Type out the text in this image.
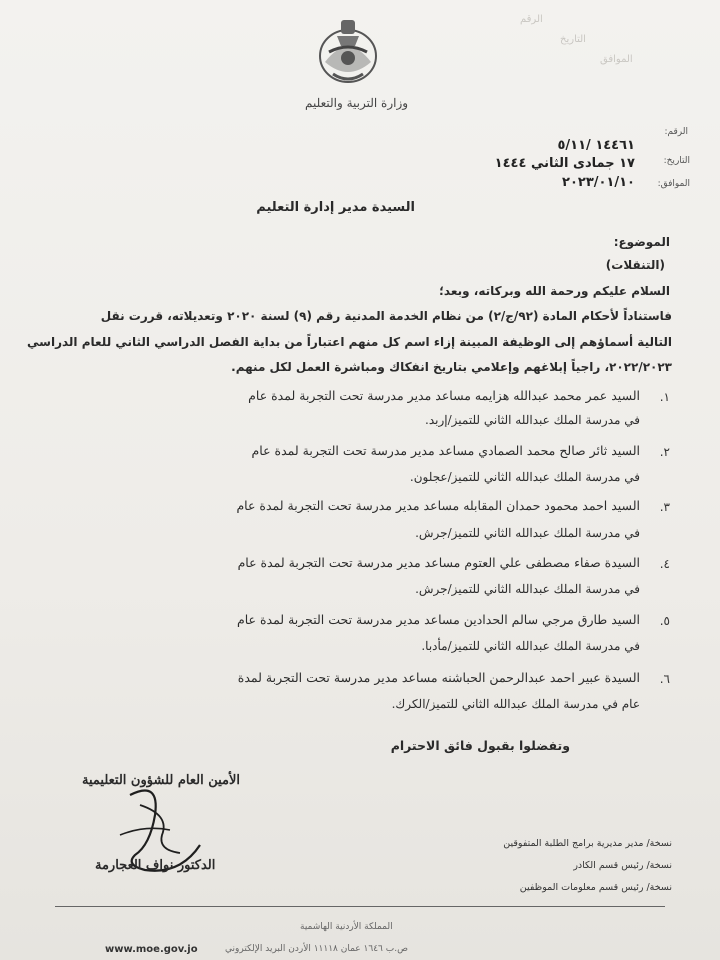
وزارة التربية والتعليم
الرقم
التاريخ
الموافق
الرقم:
١٤٤٦١ /٥/١١
التاريخ:
١٧ جمادى الثاني ١٤٤٤
الموافق:
٢٠٢٣/٠١/١٠
السيدة مدير إدارة التعليم
الموضوع:
(التنقلات)
السلام عليكم ورحمة الله وبركاته، وبعد؛
فاستناداً لأحكام المادة (٩٢/ج/٢) من نظام الخدمة المدنية رقم (٩) لسنة ٢٠٢٠ وتعديلاته، قررت نقل
التالية أسماؤهم إلى الوظيفة المبينة إزاء اسم كل منهم اعتباراً من بداية الفصل الدراسي الثاني للعام الدراسي
٢٠٢٢/٢٠٢٣، راجياً إبلاغهم وإعلامي بتاريخ انفكاك ومباشرة العمل لكل منهم.
١.
السيد عمر محمد عبدالله هزايمه مساعد مدير مدرسة تحت التجربة لمدة عام
في مدرسة الملك عبدالله الثاني للتميز/إربد.
٢.
السيد ثائر صالح محمد الصمادي مساعد مدير مدرسة تحت التجربة لمدة عام
في مدرسة الملك عبدالله الثاني للتميز/عجلون.
٣.
السيد احمد محمود حمدان المقابله مساعد مدير مدرسة تحت التجربة لمدة عام
في مدرسة الملك عبدالله الثاني للتميز/جرش.
٤.
السيدة صفاء مصطفى علي العتوم مساعد مدير مدرسة تحت التجربة لمدة عام
في مدرسة الملك عبدالله الثاني للتميز/جرش.
٥.
السيد طارق مرجي سالم الحدادين مساعد مدير مدرسة تحت التجربة لمدة عام
في مدرسة الملك عبدالله الثاني للتميز/مأدبا.
٦.
السيدة عبير احمد عبدالرحمن الحباشنه مساعد مدير مدرسة تحت التجربة لمدة
عام في مدرسة الملك عبدالله الثاني للتميز/الكرك.
وتفضلوا بقبول فائق الاحترام
الأمين العام للشؤون التعليمية
الدكتور نواف العجارمة
نسخة/ مدير مديرية برامج الطلبة المتفوقين
نسخة/ رئيس قسم الكادر
نسخة/ رئيس قسم معلومات الموظفين
المملكة الأردنية الهاشمية
ص.ب ١٦٤٦ عمان ١١١١٨ الأردن البريد الإلكتروني
www.moe.gov.jo
